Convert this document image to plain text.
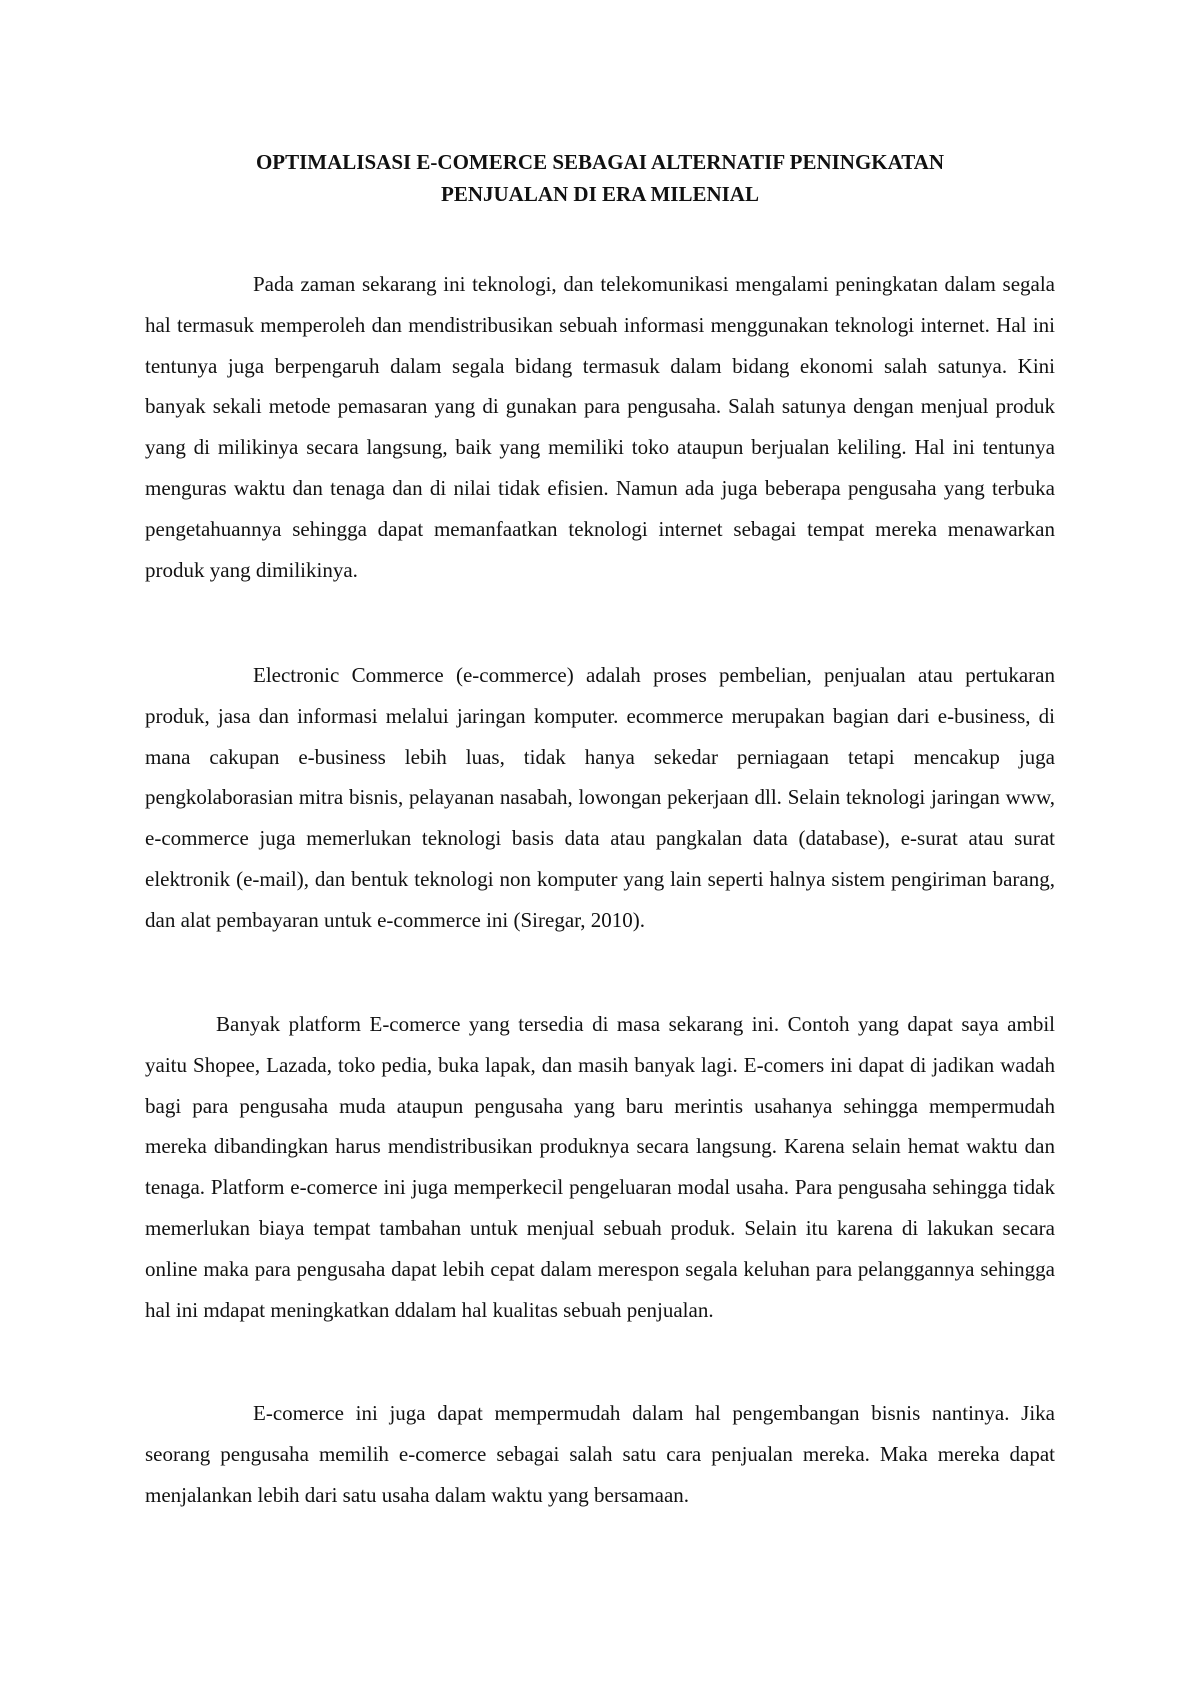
OPTIMALISASI E-COMERCE SEBAGAI ALTERNATIF PENINGKATAN
PENJUALAN DI ERA MILENIAL

Pada zaman sekarang ini teknologi, dan telekomunikasi mengalami peningkatan dalam segala hal termasuk memperoleh dan mendistribusikan sebuah informasi menggunakan teknologi internet. Hal ini tentunya juga berpengaruh dalam segala bidang termasuk dalam bidang ekonomi salah satunya. Kini banyak sekali metode pemasaran yang di gunakan para pengusaha. Salah satunya dengan menjual produk yang di milikinya secara langsung, baik yang memiliki toko ataupun berjualan keliling. Hal ini tentunya menguras waktu dan tenaga dan di nilai tidak efisien. Namun ada juga beberapa pengusaha yang terbuka pengetahuannya sehingga dapat memanfaatkan teknologi internet sebagai tempat mereka menawarkan produk yang dimilikinya.

Electronic Commerce (e-commerce) adalah proses pembelian, penjualan atau pertukaran produk, jasa dan informasi melalui jaringan komputer. ecommerce merupakan bagian dari e-business, di mana cakupan e-business lebih luas, tidak hanya sekedar perniagaan tetapi mencakup juga pengkolaborasian mitra bisnis, pelayanan nasabah, lowongan pekerjaan dll. Selain teknologi jaringan www, e-commerce juga memerlukan teknologi basis data atau pangkalan data (database), e-surat atau surat elektronik (e-mail), dan bentuk teknologi non komputer yang lain seperti halnya sistem pengiriman barang, dan alat pembayaran untuk e-commerce ini (Siregar, 2010).

Banyak platform E-comerce yang tersedia di masa sekarang ini. Contoh yang dapat saya ambil yaitu Shopee, Lazada, toko pedia, buka lapak, dan masih banyak lagi. E-comers ini dapat di jadikan wadah bagi para pengusaha muda ataupun pengusaha yang baru merintis usahanya sehingga mempermudah mereka dibandingkan harus mendistribusikan produknya secara langsung. Karena selain hemat waktu dan tenaga. Platform e-comerce ini juga memperkecil pengeluaran modal usaha. Para pengusaha sehingga tidak memerlukan biaya tempat tambahan untuk menjual sebuah produk. Selain itu karena di lakukan secara online maka para pengusaha dapat lebih cepat dalam merespon segala keluhan para pelanggannya sehingga hal ini mdapat meningkatkan ddalam hal kualitas sebuah penjualan.

E-comerce ini juga dapat mempermudah dalam hal pengembangan bisnis nantinya. Jika seorang pengusaha memilih e-comerce sebagai salah satu cara penjualan mereka. Maka mereka dapat menjalankan lebih dari satu usaha dalam waktu yang bersamaan.
